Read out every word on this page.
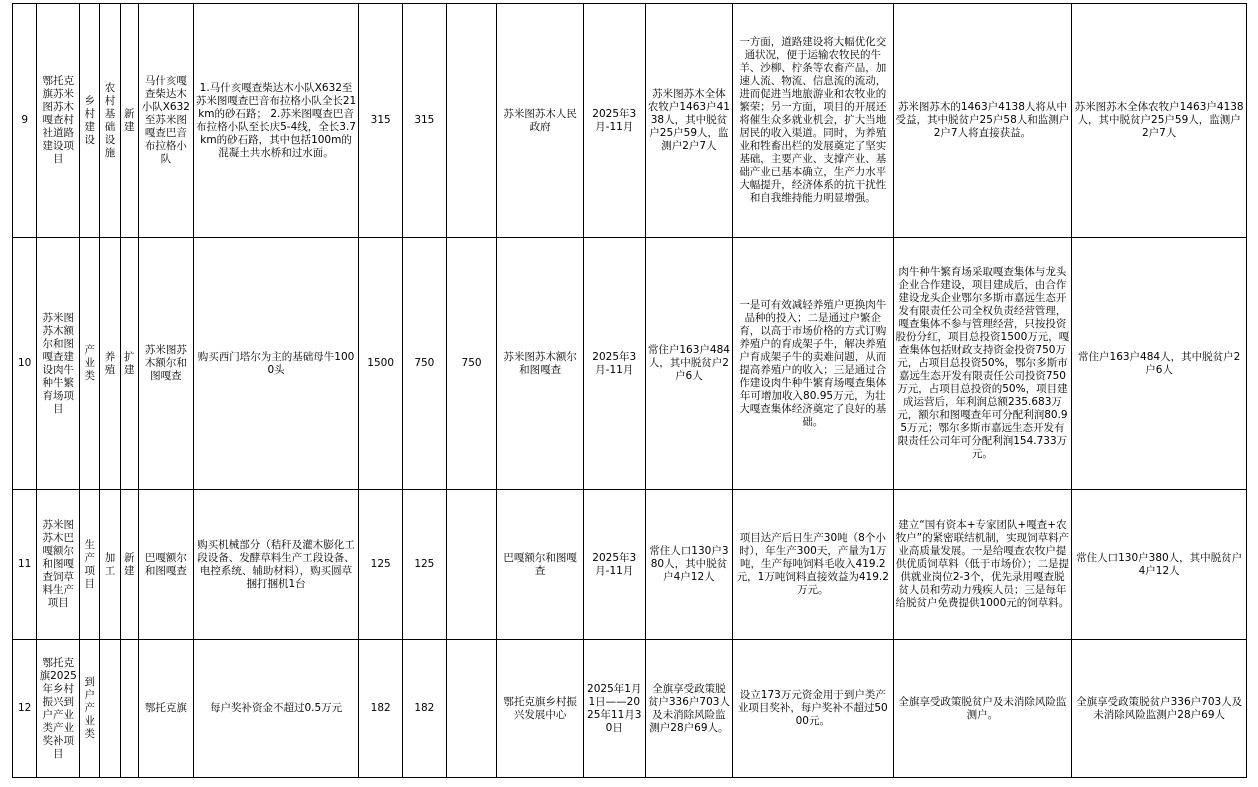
9	鄂托克旗苏米图苏木嘎查村社道路建设项目	乡村建设	农村基础设施	新建	马什亥嘎查柴达木小队X632至苏米图嘎查巴音布拉格小队	1.马什亥嘎查柴达木小队X632至苏米图嘎查巴音布拉格小队全长21km的砂石路； 2.苏米图嘎查巴音布拉格小队至长庆5-4线，全长3.7km的砂石路，其中包括100m的混凝土共水桥和过水面。	315	315		苏米图苏木人民政府	2025年3月-11月	苏米图苏木全体农牧户1463户4138人，其中脱贫户25户59人，监测户2户7人	一方面，道路建设将大幅优化交通状况，便于运输农牧民的牛羊、沙柳、柠条等农畜产品，加速人流、物流、信息流的流动，进而促进当地旅游业和农牧业的繁荣；另一方面，项目的开展还将催生众多就业机会，扩大当地居民的收入渠道。同时，为养殖业和牲畜出栏的发展奠定了坚实基础，主要产业、支撑产业、基础产业已基本确立，生产力水平大幅提升，经济体系的抗干扰性和自我维持能力明显增强。	苏米图苏木的1463户4138人将从中受益，其中脱贫户25户58人和监测户2户7人将直接获益。	苏米图苏木全体农牧户1463户4138人，其中脱贫户25户59人，监测户2户7人
10	苏米图苏木额尔和图嘎查建设肉牛种牛繁育场项目	产业类	养殖	扩建	苏米图苏木额尔和图嘎查	购买西门塔尔为主的基础母牛1000头	1500	750	750	苏米图苏木额尔和图嘎查	2025年3月-11月	常住户163户484人，其中脱贫户2户6人	一是可有效减轻养殖户更换肉牛品种的投入；二是通过户繁企育，以高于市场价格的方式订购养殖户的育成架子牛，解决养殖户育成架子牛的卖难问题，从而提高养殖户的收入；三是通过合作建设肉牛种牛繁育场嘎查集体年可增加收入80.95万元，为壮大嘎查集体经济奠定了良好的基础。	肉牛种牛繁育场采取嘎查集体与龙头企业合作建设，项目建成后，由合作建设龙头企业鄂尔多斯市嘉远生态开发有限责任公司全权负责经营管理，嘎查集体不参与管理经营，只按投资股份分红，项目总投资1500万元，嘎查集体包括财政支持资金投资750万元，占项目总投资50%，鄂尔多斯市嘉远生态开发有限责任公司投资750万元，占项目总投资的50%，项目建成运营后，年利润总额235.683万元，额尔和图嘎查年可分配利润80.95万元；鄂尔多斯市嘉远生态开发有限责任公司年可分配利润154.733万元。	常住户163户484人，其中脱贫户2户6人
11	苏米图苏木巴嘎额尔和图嘎查饲草料生产项目	生产项目	加工	新建	巴嘎额尔和图嘎查	购买机械部分（秸秆及灌木膨化工段设备、发酵草料生产工段设备、电控系统、辅助材料），购买圆草捆打捆机1台	125	125		巴嘎额尔和图嘎查	2025年3月-11月	常住人口130户380人，其中脱贫户4户12人	项目达产后日生产30吨（8个小时），年生产300天，产量为1万吨，生产每吨饲料毛收入419.2元，1万吨饲料直接效益为419.2万元。	建立“国有资本+专家团队+嘎查+农牧户”的紧密联结机制，实现饲草料产业高质量发展。一是给嘎查农牧户提供优质饲草料（低于市场价）；二是提供就业岗位2-3个，优先录用嘎查脱贫人员和劳动力残疾人员；三是每年给脱贫户免费提供1000元的饲草料。	常住人口130户380人，其中脱贫户4户12人
12	鄂托克旗2025年乡村振兴到户产业类产业奖补项目	到户产业类			鄂托克旗	每户奖补资金不超过0.5万元	182	182		鄂托克旗乡村振兴发展中心	2025年1月1日——2025年11月30日	全旗享受政策脱贫户336户703人及未消除风险监测户28户69人。	设立173万元资金用于到户类产业项目奖补，每户奖补不超过5000元。	全旗享受政策脱贫户及未消除风险监测户。	全旗享受政策脱贫户336户703人及未消除风险监测户28户69人
